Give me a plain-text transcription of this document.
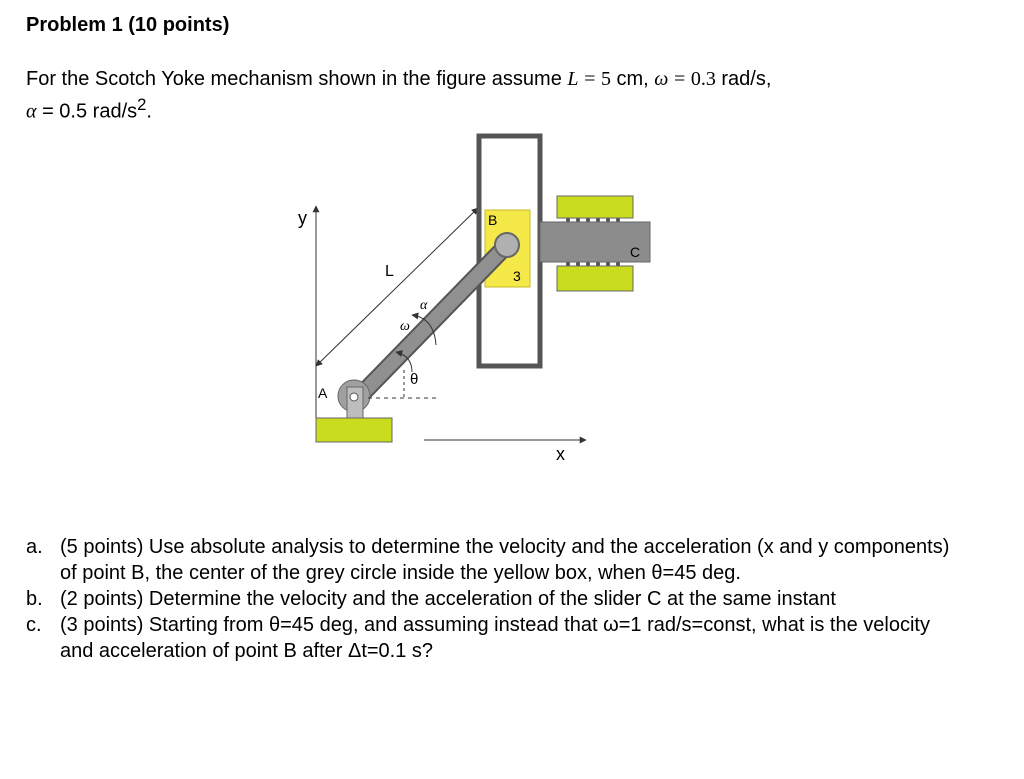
Problem 1 (10 points)
For the Scotch Yoke mechanism shown in the figure assume L = 5 cm, ω = 0.3 rad/s,
α = 0.5 rad/$s^2$.
y
x
L
B
3
C
A
θ
α
ω
a. (5 points) Use absolute analysis to determine the velocity and the acceleration (x and y components) of point B, the center of the grey circle inside the yellow box, when θ=45 deg.
b. (2 points) Determine the velocity and the acceleration of the slider C at the same instant
c. (3 points) Starting from θ=45 deg, and assuming instead that ω=1 rad/s=const, what is the velocity and acceleration of point B after Δt=0.1 s?
